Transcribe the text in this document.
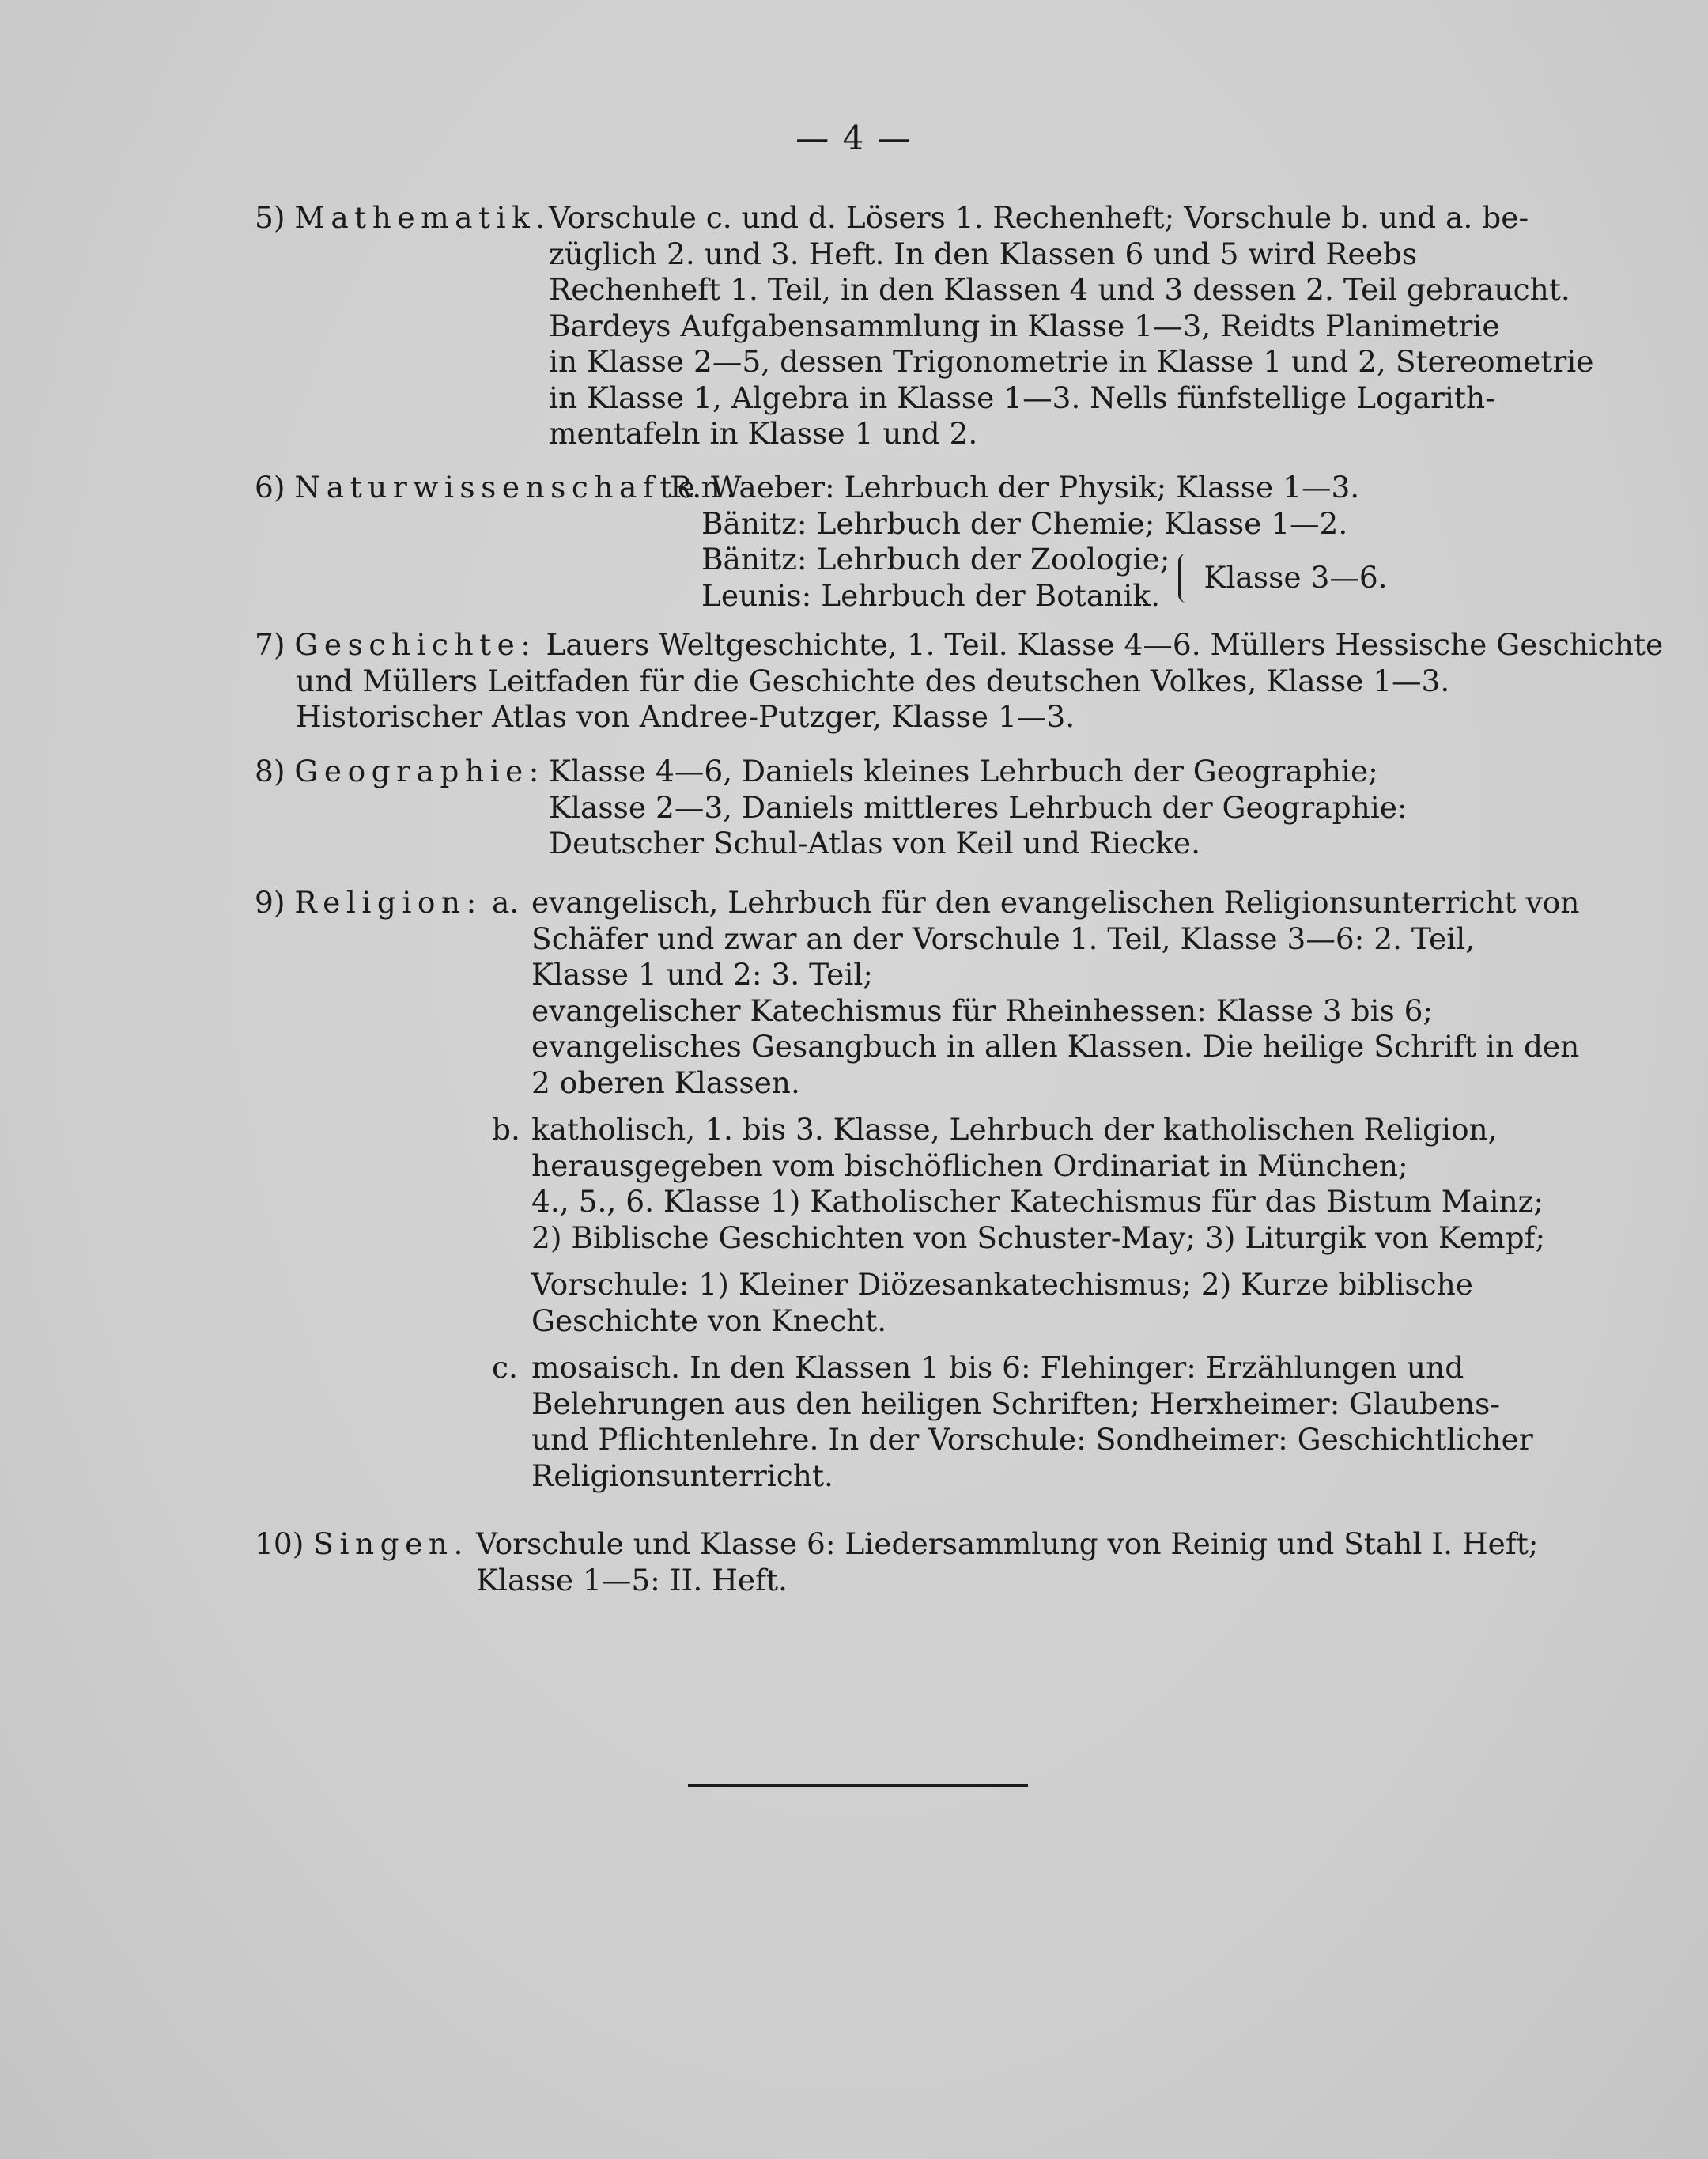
— 4 —
5) Mathematik.
Vorschule c. und d. Lösers 1. Rechenheft; Vorschule b. und a. be-
züglich 2. und 3. Heft. In den Klassen 6 und 5 wird Reebs
Rechenheft 1. Teil, in den Klassen 4 und 3 dessen 2. Teil gebraucht.
Bardeys Aufgabensammlung in Klasse 1—3, Reidts Planimetrie
in Klasse 2—5, dessen Trigonometrie in Klasse 1 und 2, Stereometrie
in Klasse 1, Algebra in Klasse 1—3. Nells fünfstellige Logarith-
mentafeln in Klasse 1 und 2.
6) Naturwissenschaften.
R. Waeber: Lehrbuch der Physik; Klasse 1—3.
Bänitz: Lehrbuch der Chemie; Klasse 1—2.
Bänitz: Lehrbuch der Zoologie;
Leunis: Lehrbuch der Botanik.
Klasse 3—6.
7) Geschichte: Lauers Weltgeschichte, 1. Teil. Klasse 4—6. Müllers Hessische Geschichte
und Müllers Leitfaden für die Geschichte des deutschen Volkes, Klasse 1—3.
Historischer Atlas von Andree-Putzger, Klasse 1—3.
8) Geographie: Klasse 4—6, Daniels kleines Lehrbuch der Geographie;
Klasse 2—3, Daniels mittleres Lehrbuch der Geographie:
Deutscher Schul-Atlas von Keil und Riecke.
9) Religion: a. evangelisch, Lehrbuch für den evangelischen Religionsunterricht von
Schäfer und zwar an der Vorschule 1. Teil, Klasse 3—6: 2. Teil,
Klasse 1 und 2: 3. Teil;
evangelischer Katechismus für Rheinhessen: Klasse 3 bis 6;
evangelisches Gesangbuch in allen Klassen. Die heilige Schrift in den
2 oberen Klassen.
b. katholisch, 1. bis 3. Klasse, Lehrbuch der katholischen Religion,
herausgegeben vom bischöflichen Ordinariat in München;
4., 5., 6. Klasse 1) Katholischer Katechismus für das Bistum Mainz;
2) Biblische Geschichten von Schuster-May; 3) Liturgik von Kempf;
Vorschule: 1) Kleiner Diözesankatechismus; 2) Kurze biblische
Geschichte von Knecht.
c. mosaisch. In den Klassen 1 bis 6: Flehinger: Erzählungen und
Belehrungen aus den heiligen Schriften; Herxheimer: Glaubens-
und Pflichtenlehre. In der Vorschule: Sondheimer: Geschichtlicher
Religionsunterricht.
10) Singen. Vorschule und Klasse 6: Liedersammlung von Reinig und Stahl I. Heft;
Klasse 1—5: II. Heft.
